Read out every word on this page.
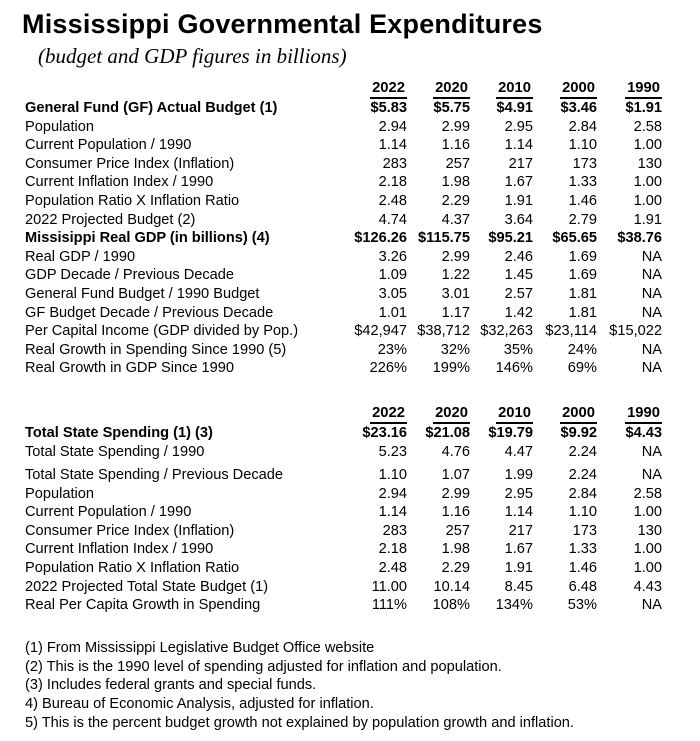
Mississippi Governmental Expenditures
(budget and GDP figures in billions)
2022	2020	2010	2000	1990
General Fund (GF) Actual Budget (1)	$5.83	$5.75	$4.91	$3.46	$1.91
Population	2.94	2.99	2.95	2.84	2.58
Current Population / 1990	1.14	1.16	1.14	1.10	1.00
Consumer Price Index (Inflation)	283	257	217	173	130
Current Inflation Index / 1990	2.18	1.98	1.67	1.33	1.00
Population Ratio X Inflation Ratio	2.48	2.29	1.91	1.46	1.00
2022 Projected Budget (2)	4.74	4.37	3.64	2.79	1.91
Missisippi Real GDP (in billions) (4)	$126.26 $115.75	$95.21	$65.65	$38.76
Real GDP / 1990	3.26	2.99	2.46	1.69	NA
GDP Decade / Previous Decade	1.09	1.22	1.45	1.69	NA
General Fund Budget / 1990 Budget	3.05	3.01	2.57	1.81	NA
GF Budget Decade / Previous Decade	1.01	1.17	1.42	1.81	NA
Per Capital Income (GDP divided by Pop.)	$42,947 $38,712 $32,263 $23,114 $15,022
Real Growth in Spending Since 1990 (5)	23%	32%	35%	24%	NA
Real Growth in GDP Since 1990	226%	199%	146%	69%	NA
2022	2020	2010	2000	1990
Total State Spending (1) (3)	$23.16	$21.08	$19.79	$9.92	$4.43
Total State Spending / 1990	5.23	4.76	4.47	2.24	NA
Total State Spending / Previous Decade	1.10	1.07	1.99	2.24	NA
Population	2.94	2.99	2.95	2.84	2.58
Current Population / 1990	1.14	1.16	1.14	1.10	1.00
Consumer Price Index (Inflation)	283	257	217	173	130
Current Inflation Index / 1990	2.18	1.98	1.67	1.33	1.00
Population Ratio X Inflation Ratio	2.48	2.29	1.91	1.46	1.00
2022 Projected Total State Budget (1)	11.00	10.14	8.45	6.48	4.43
Real Per Capita Growth in Spending	111%	108%	134%	53%	NA
(1) From Mississippi Legislative Budget Office website
(2) This is the 1990 level of spending adjusted for inflation and population.
(3) Includes federal grants and special funds.
4) Bureau of Economic Analysis, adjusted for inflation.
5) This is the percent budget growth not explained by population growth and inflation.
